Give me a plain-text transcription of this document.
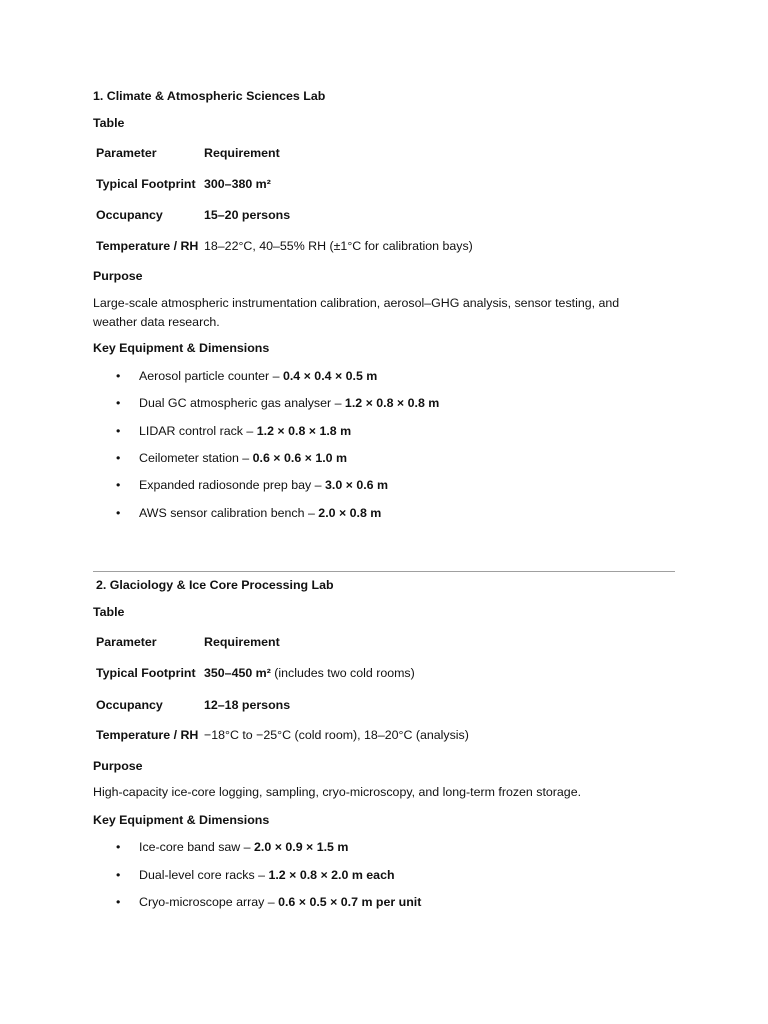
1. Climate & Atmospheric Sciences Lab
Table
Parameter	Requirement
Typical Footprint 300–380 m²
Occupancy	15–20 persons
Temperature / RH 18–22°C, 40–55% RH (±1°C for calibration bays)
Purpose
Large-scale atmospheric instrumentation calibration, aerosol–GHG analysis, sensor testing, and weather data research.
Key Equipment & Dimensions
• Aerosol particle counter – 0.4 × 0.4 × 0.5 m
• Dual GC atmospheric gas analyser – 1.2 × 0.8 × 0.8 m
• LIDAR control rack – 1.2 × 0.8 × 1.8 m
• Ceilometer station – 0.6 × 0.6 × 1.0 m
• Expanded radiosonde prep bay – 3.0 × 0.6 m
• AWS sensor calibration bench – 2.0 × 0.8 m
2. Glaciology & Ice Core Processing Lab
Table
Parameter	Requirement
Typical Footprint 350–450 m² (includes two cold rooms)
Occupancy	12–18 persons
Temperature / RH −18°C to −25°C (cold room), 18–20°C (analysis)
Purpose
High-capacity ice-core logging, sampling, cryo-microscopy, and long-term frozen storage.
Key Equipment & Dimensions
• Ice-core band saw – 2.0 × 0.9 × 1.5 m
• Dual-level core racks – 1.2 × 0.8 × 2.0 m each
• Cryo-microscope array – 0.6 × 0.5 × 0.7 m per unit
